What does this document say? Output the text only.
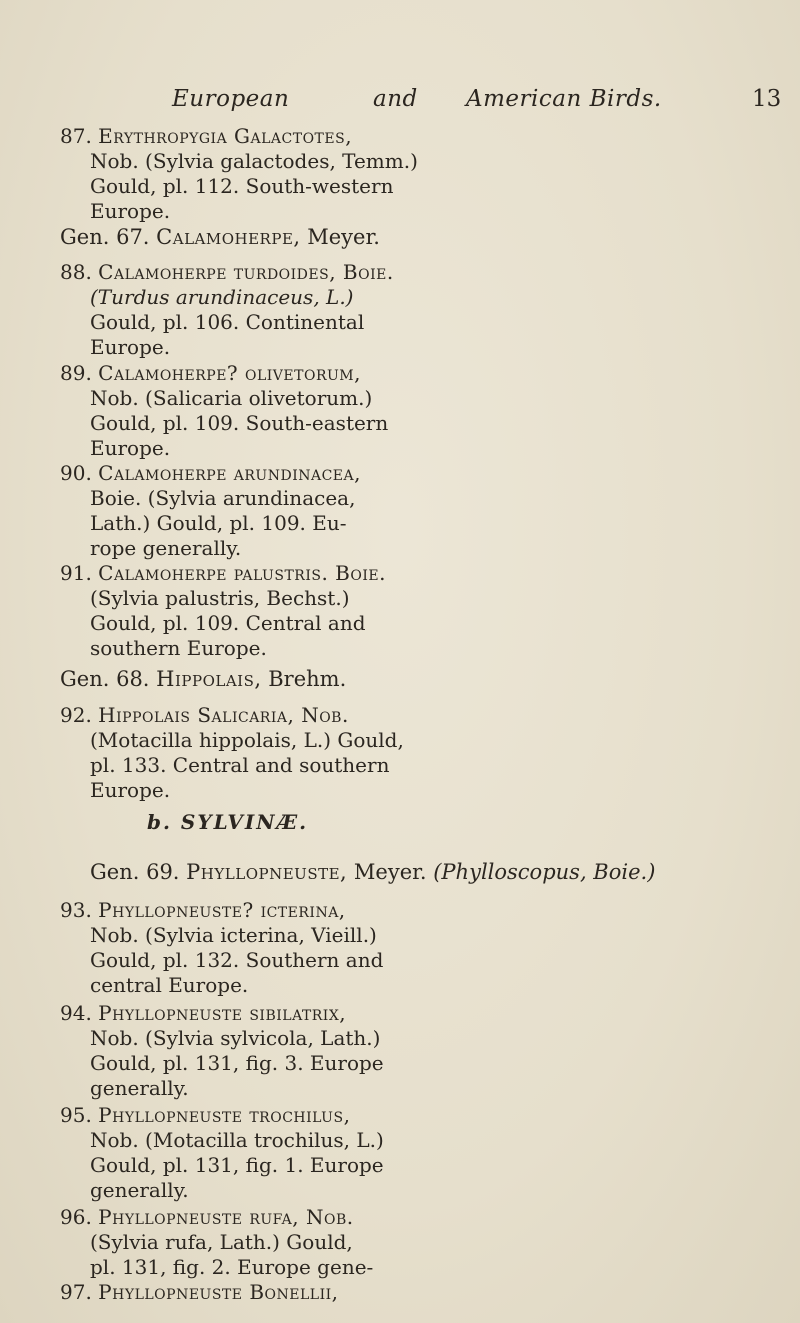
European	and American Birds.	13
87. Erythropygia Galactotes,
Nob. (Sylvia galactodes, Temm.)
Gould, pl. 112. South-western
Europe.
Gen. 67. Calamoherpe, Meyer.
88. Calamoherpe turdoides, Boie.
(Turdus arundinaceus, L.)
Gould, pl. 106. Continental
Europe.
89. Calamoherpe? olivetorum,
Nob. (Salicaria olivetorum.)
Gould, pl. 109. South-eastern
Europe.
90. Calamoherpe arundinacea,
Boie. (Sylvia arundinacea,
Lath.) Gould, pl. 109. Eu-
rope generally.
91. Calamoherpe palustris. Boie.
(Sylvia palustris, Bechst.)
Gould, pl. 109. Central and
southern Europe.
Gen. 68. Hippolais, Brehm.
92. Hippolais Salicaria, Nob.
(Motacilla hippolais, L.) Gould,
pl. 133. Central and southern
Europe.
b. SYLVINÆ.
Gen. 69. Phyllopneuste, Meyer. (Phylloscopus, Boie.)
93. Phyllopneuste? icterina,
Nob. (Sylvia icterina, Vieill.)
Gould, pl. 132. Southern and
central Europe.
94. Phyllopneuste sibilatrix,
Nob. (Sylvia sylvicola, Lath.)
Gould, pl. 131, fig. 3. Europe
generally.
95. Phyllopneuste trochilus,
Nob. (Motacilla trochilus, L.)
Gould, pl. 131, fig. 1. Europe
generally.
96. Phyllopneuste rufa, Nob.
(Sylvia rufa, Lath.) Gould,
pl. 131, fig. 2. Europe gene-
97. Phyllopneuste Bonellii,
